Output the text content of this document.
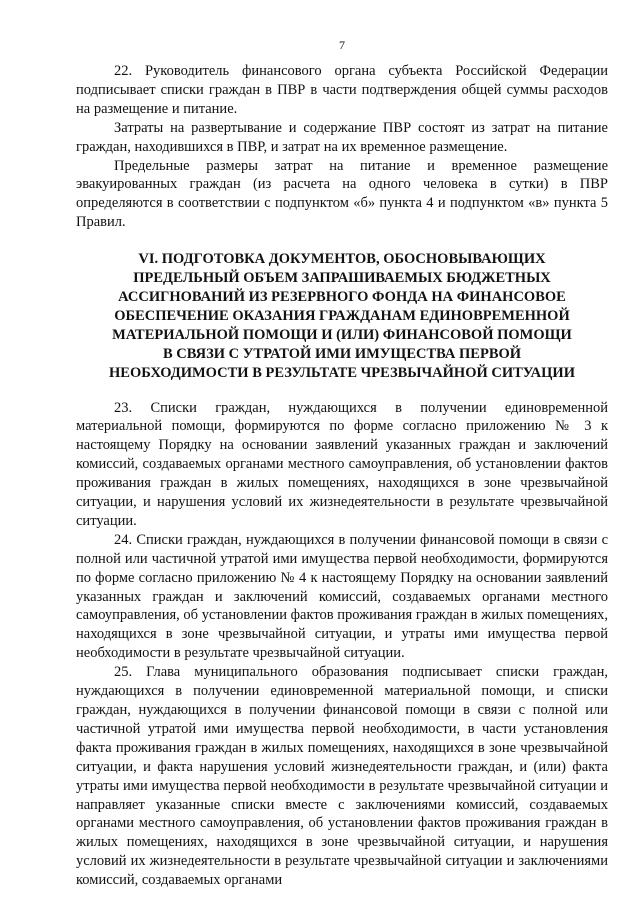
7

22. Руководитель финансового органа субъекта Российской Федерации подписывает списки граждан в ПВР в части подтверждения общей суммы расходов на размещение и питание.

Затраты на развертывание и содержание ПВР состоят из затрат на питание граждан, находившихся в ПВР, и затрат на их временное размещение.

Предельные размеры затрат на питание и временное размещение эвакуированных граждан (из расчета на одного человека в сутки) в ПВР определяются в соответствии с подпунктом «б» пункта 4 и подпунктом «в» пункта 5 Правил.

VI. ПОДГОТОВКА ДОКУМЕНТОВ, ОБОСНОВЫВАЮЩИХ
ПРЕДЕЛЬНЫЙ ОБЪЕМ ЗАПРАШИВАЕМЫХ БЮДЖЕТНЫХ
АССИГНОВАНИЙ ИЗ РЕЗЕРВНОГО ФОНДА НА ФИНАНСОВОЕ
ОБЕСПЕЧЕНИЕ ОКАЗАНИЯ ГРАЖДАНАМ ЕДИНОВРЕМЕННОЙ
МАТЕРИАЛЬНОЙ ПОМОЩИ И (ИЛИ) ФИНАНСОВОЙ ПОМОЩИ
В СВЯЗИ С УТРАТОЙ ИМИ ИМУЩЕСТВА ПЕРВОЙ
НЕОБХОДИМОСТИ В РЕЗУЛЬТАТЕ ЧРЕЗВЫЧАЙНОЙ СИТУАЦИИ

23. Списки граждан, нуждающихся в получении единовременной материальной помощи, формируются по форме согласно приложению № 3 к настоящему Порядку на основании заявлений указанных граждан и заключений комиссий, создаваемых органами местного самоуправления, об установлении фактов проживания граждан в жилых помещениях, находящихся в зоне чрезвычайной ситуации, и нарушения условий их жизнедеятельности в результате чрезвычайной ситуации.

24. Списки граждан, нуждающихся в получении финансовой помощи в связи с полной или частичной утратой ими имущества первой необходимости, формируются по форме согласно приложению № 4 к настоящему Порядку на основании заявлений указанных граждан и заключений комиссий, создаваемых органами местного самоуправления, об установлении фактов проживания граждан в жилых помещениях, находящихся в зоне чрезвычайной ситуации, и утраты ими имущества первой необходимости в результате чрезвычайной ситуации.

25. Глава муниципального образования подписывает списки граждан, нуждающихся в получении единовременной материальной помощи, и списки граждан, нуждающихся в получении финансовой помощи в связи с полной или частичной утратой ими имущества первой необходимости, в части установления факта проживания граждан в жилых помещениях, находящихся в зоне чрезвычайной ситуации, и факта нарушения условий жизнедеятельности граждан, и (или) факта утраты ими имущества первой необходимости в результате чрезвычайной ситуации и направляет указанные списки вместе с заключениями комиссий, создаваемых органами местного самоуправления, об установлении фактов проживания граждан в жилых помещениях, находящихся в зоне чрезвычайной ситуации, и нарушения условий их жизнедеятельности в результате чрезвычайной ситуации и заключениями комиссий, создаваемых органами
